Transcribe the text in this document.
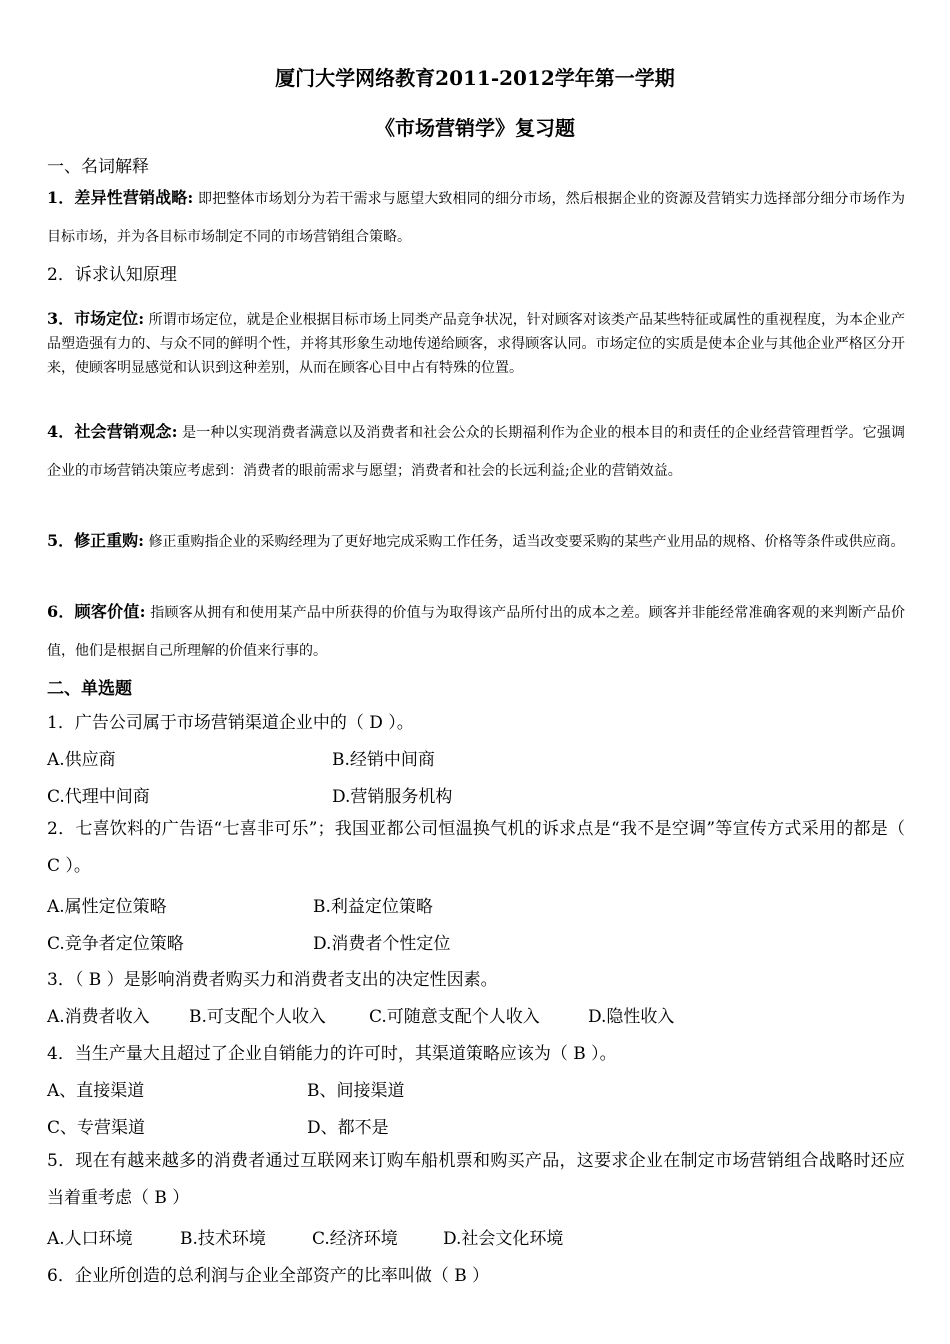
厦门大学网络教育2011-2012学年第一学期
《市场营销学》复习题
一、名词解释
1．差异性营销战略: 即把整体市场划分为若干需求与愿望大致相同的细分市场，然后根据企业的资源及营销实力选择部分细分市场作为目标市场，并为各目标市场制定不同的市场营销组合策略。
2．诉求认知原理
3．市场定位: 所谓市场定位，就是企业根据目标市场上同类产品竞争状况，针对顾客对该类产品某些特征或属性的重视程度，为本企业产品塑造强有力的、与众不同的鲜明个性，并将其形象生动地传递给顾客，求得顾客认同。市场定位的实质是使本企业与其他企业严格区分开来，使顾客明显感觉和认识到这种差别，从而在顾客心目中占有特殊的位置。
4．社会营销观念: 是一种以实现消费者满意以及消费者和社会公众的长期福利作为企业的根本目的和责任的企业经营管理哲学。它强调企业的市场营销决策应考虑到：消费者的眼前需求与愿望；消费者和社会的长远利益;企业的营销效益。
5．修正重购: 修正重购指企业的采购经理为了更好地完成采购工作任务，适当改变要采购的某些产业用品的规格、价格等条件或供应商。
6．顾客价值: 指顾客从拥有和使用某产品中所获得的价值与为取得该产品所付出的成本之差。顾客并非能经常准确客观的来判断产品价值，他们是根据自己所理解的价值来行事的。
二、单选题
1．广告公司属于市场营销渠道企业中的（ D ）。
A.供应商	B.经销中间商
C.代理中间商	D.营销服务机构
2．七喜饮料的广告语“七喜非可乐”；我国亚都公司恒温换气机的诉求点是“我不是空调”等宣传方式采用的都是（ C ）。
A.属性定位策略	B.利益定位策略
C.竞争者定位策略	D.消费者个性定位
3．（ B ）是影响消费者购买力和消费者支出的决定性因素。
A.消费者收入 B.可支配个人收入	C.可随意支配个人收入	D.隐性收入
4．当生产量大且超过了企业自销能力的许可时，其渠道策略应该为（ B ）。
A、直接渠道	B、间接渠道
C、专营渠道	D、都不是
5．现在有越来越多的消费者通过互联网来订购车船机票和购买产品，这要求企业在制定市场营销组合战略时还应当着重考虑（ B ）
A.人口环境	B.技术环境	C.经济环境	D.社会文化环境
6．企业所创造的总利润与企业全部资产的比率叫做（ B ）
